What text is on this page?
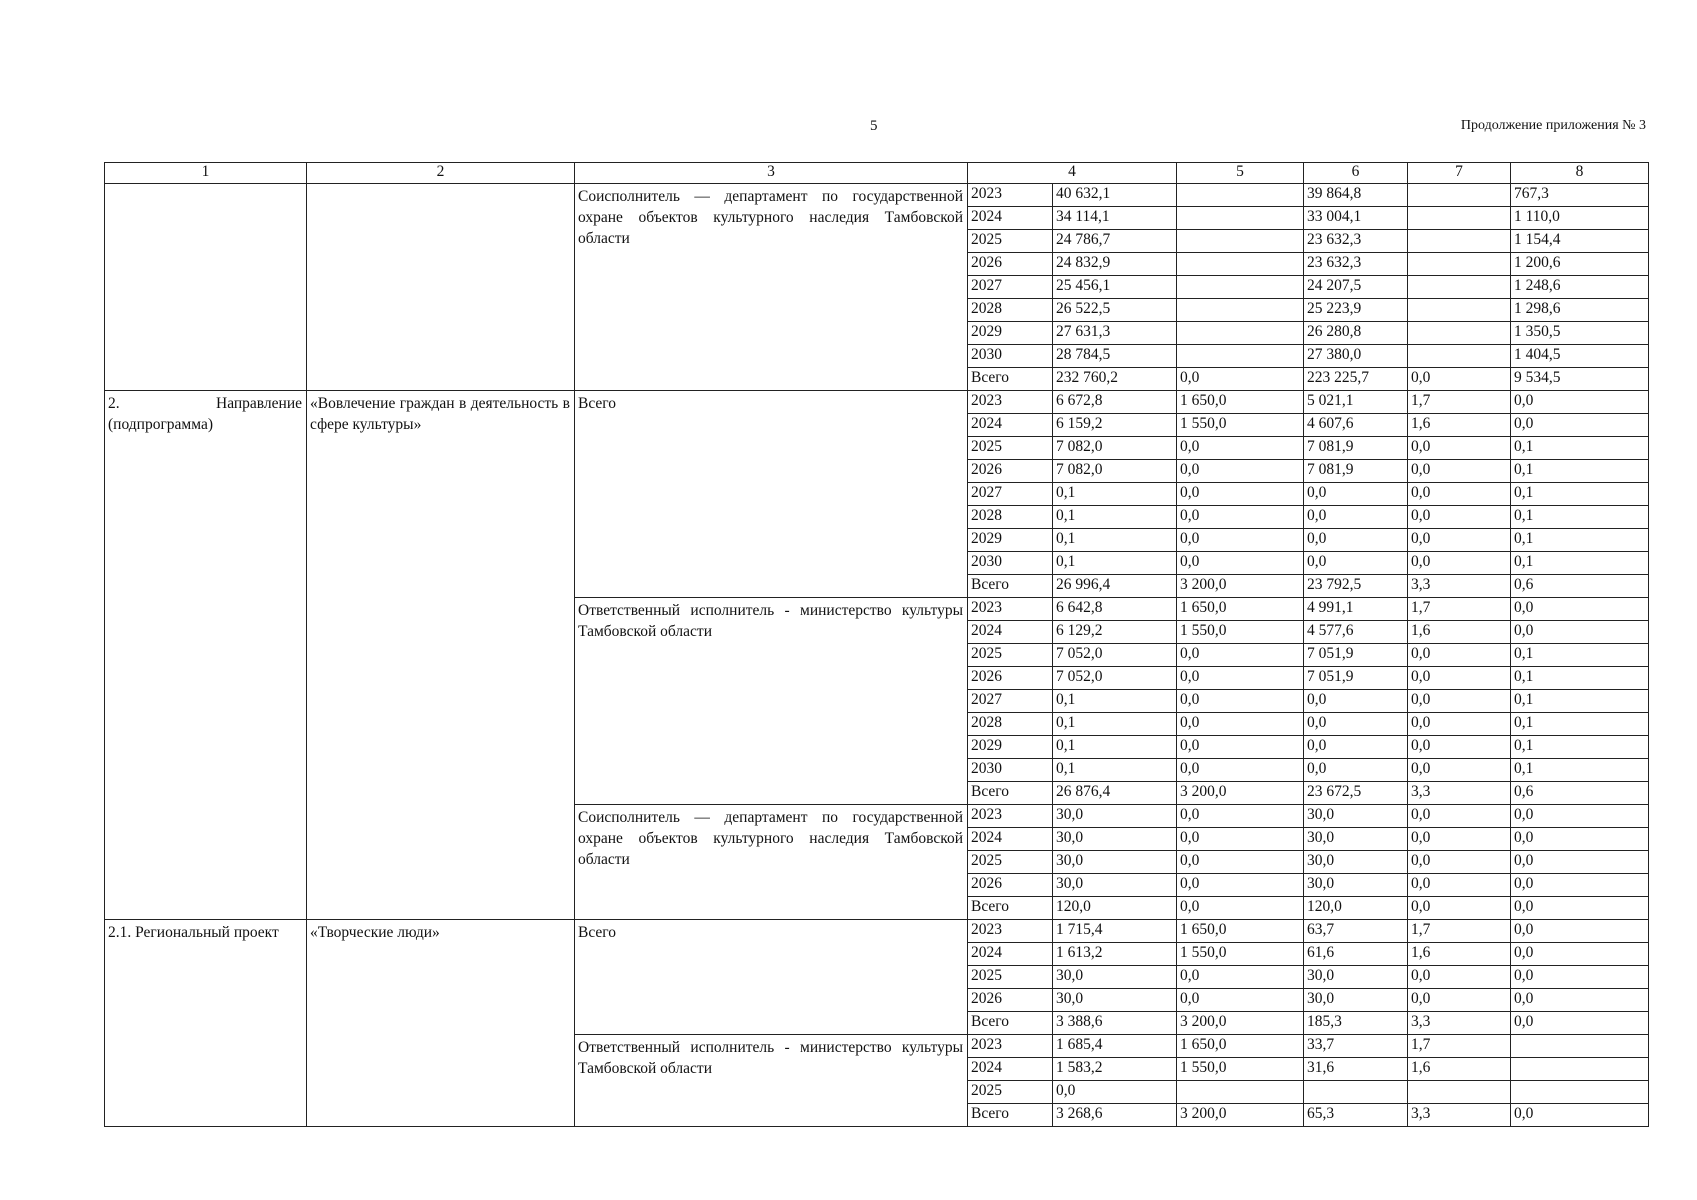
5	Продолжение приложения № 3
1	2	3	4		5	6	7	8
		Соисполнитель — департамент по государственной охране объектов культурного наследия Тамбовской области	2023	40 632,1		39 864,8		767,3
			2024	34 114,1		33 004,1		1 110,0
			2025	24 786,7		23 632,3		1 154,4
			2026	24 832,9		23 632,3		1 200,6
			2027	25 456,1		24 207,5		1 248,6
			2028	26 522,5		25 223,9		1 298,6
			2029	27 631,3		26 280,8		1 350,5
			2030	28 784,5		27 380,0		1 404,5
			Всего	232 760,2	0,0	223 225,7	0,0	9 534,5
2. Направление (подпрограмма)	«Вовлечение граждан в деятельность в сфере культуры»	Всего	2023	6 672,8	1 650,0	5 021,1	1,7	0,0
			2024	6 159,2	1 550,0	4 607,6	1,6	0,0
			2025	7 082,0	0,0	7 081,9	0,0	0,1
			2026	7 082,0	0,0	7 081,9	0,0	0,1
			2027	0,1	0,0	0,0	0,0	0,1
			2028	0,1	0,0	0,0	0,0	0,1
			2029	0,1	0,0	0,0	0,0	0,1
			2030	0,1	0,0	0,0	0,0	0,1
			Всего	26 996,4	3 200,0	23 792,5	3,3	0,6
		Ответственный исполнитель - министерство культуры Тамбовской области	2023	6 642,8	1 650,0	4 991,1	1,7	0,0
			2024	6 129,2	1 550,0	4 577,6	1,6	0,0
			2025	7 052,0	0,0	7 051,9	0,0	0,1
			2026	7 052,0	0,0	7 051,9	0,0	0,1
			2027	0,1	0,0	0,0	0,0	0,1
			2028	0,1	0,0	0,0	0,0	0,1
			2029	0,1	0,0	0,0	0,0	0,1
			2030	0,1	0,0	0,0	0,0	0,1
			Всего	26 876,4	3 200,0	23 672,5	3,3	0,6
		Соисполнитель — департамент по государственной охране объектов культурного наследия Тамбовской области	2023	30,0	0,0	30,0	0,0	0,0
			2024	30,0	0,0	30,0	0,0	0,0
			2025	30,0	0,0	30,0	0,0	0,0
			2026	30,0	0,0	30,0	0,0	0,0
			Всего	120,0	0,0	120,0	0,0	0,0
2.1. Региональный проект	«Творческие люди»	Всего	2023	1 715,4	1 650,0	63,7	1,7	0,0
			2024	1 613,2	1 550,0	61,6	1,6	0,0
			2025	30,0	0,0	30,0	0,0	0,0
			2026	30,0	0,0	30,0	0,0	0,0
			Всего	3 388,6	3 200,0	185,3	3,3	0,0
		Ответственный исполнитель - министерство культуры Тамбовской области	2023	1 685,4	1 650,0	33,7	1,7	
			2024	1 583,2	1 550,0	31,6	1,6	
			2025	0,0				
			Всего	3 268,6	3 200,0	65,3	3,3	0,0
